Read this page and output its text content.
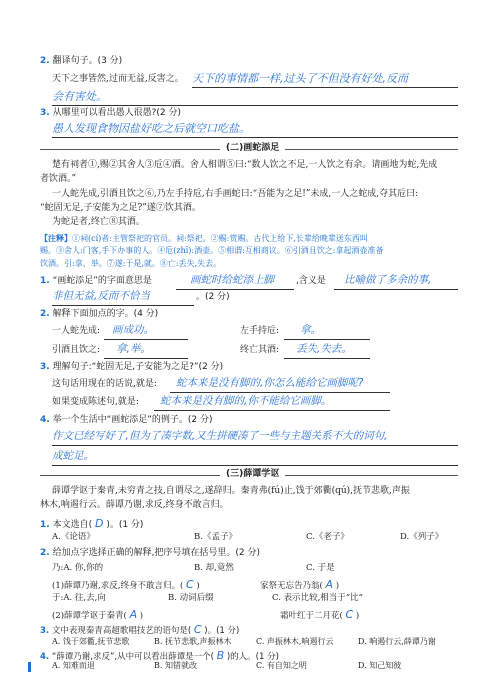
2. 翻译句子。(3 分)
天下之事皆然,过而无益,反害之。 天下的事情都一样,过头了不但没有好处,反而
会有害处。
3. 从哪里可以看出愚人很愚?(2 分)
愚人发现食物因盐好吃之后就空口吃盐。
(二)画蛇添足
楚有祠者①,赐②其舍人③卮④酒。舍人相谓⑤曰:“数人饮之不足,一人饮之有余。请画地为蛇,先成
者饮酒。”
一人蛇先成,引酒且饮之⑥,乃左手持卮,右手画蛇曰:“吾能为之足!”未成,一人之蛇成,夺其卮曰:
“蛇固无足,子安能为之足?”遂⑦饮其酒。
为蛇足者,终亡⑧其酒。
【注释】①祠(cí)者:主管祭祀的官员。祠:祭祀。②赐:赏赐。古代上给下,长辈给晚辈送东西叫
赐。③舍人:门客,手下办事的人。④卮(zhī):酒壶。⑤相谓:互相商议。⑥引酒且饮之:拿起酒壶准备
饮酒。引:拿、举。⑦遂:于是,就。⑧亡:丢失,失去。
1. “画蛇添足”的字面意思是	画蛇时给蛇添上脚 ,含义是 比喻做了多余的事,
非但无益,反而不恰当	。(2 分)
2. 解释下面加点的字。(4 分)
一人蛇先成: 画成功。	左手持卮: 拿。
引酒且饮之: 拿,举。	终亡其酒: 丢失,失去。
3. 理解句子:“蛇固无足,子安能为之足?”(2 分)
这句话用现在的话说,就是: 蛇本来是没有脚的,你怎么能给它画脚呢?
如果变成陈述句,就是: 蛇本来是没有脚的,你不能给它画脚。
4. 举一个生活中“画蛇添足”的例子。(2 分)
作文已经写好了,但为了凑字数,又生拼硬凑了一些与主题关系不大的词句,
成蛇足。
(三)薛谭学讴
薛谭学讴于秦青,未穷青之技,自谓尽之,遂辞归。秦青弗(fú)止,饯于郊衢(qú),抚节悲歌,声振
林木,响遏行云。薛谭乃谢,求反,终身不敢言归。
1. 本文选自( D )。(1 分)
A.《论语》	B.《孟子》	C.《老子》	D.《列子》
2. 给加点字选择正确的解释,把序号填在括号里。(2 分)
乃:A. 你,你的	B. 却,竟然	C. 于是
(1)薛谭乃谢,求反,终身不敢言归。( C )	家祭无忘告乃翁( A )
于:A. 往,去,向	B. 动词后缀	C. 表示比较,相当于“比”
(2)薛谭学讴于秦青( A )	霜叶红于二月花( C )
3. 文中表现秦青高超歌唱技艺的语句是( C )。(1 分)
A. 饯于郊衢,抚节悲歌	B. 抚节悲歌,声振林木	C. 声振林木,响遏行云	D. 响遏行云,薛谭乃谢
4. “薛谭乃谢,求反”,从中可以看出薛谭是一个( B )的人。(1 分)
A. 知难而退	B. 知错就改	C. 有自知之明	D. 知己知彼
